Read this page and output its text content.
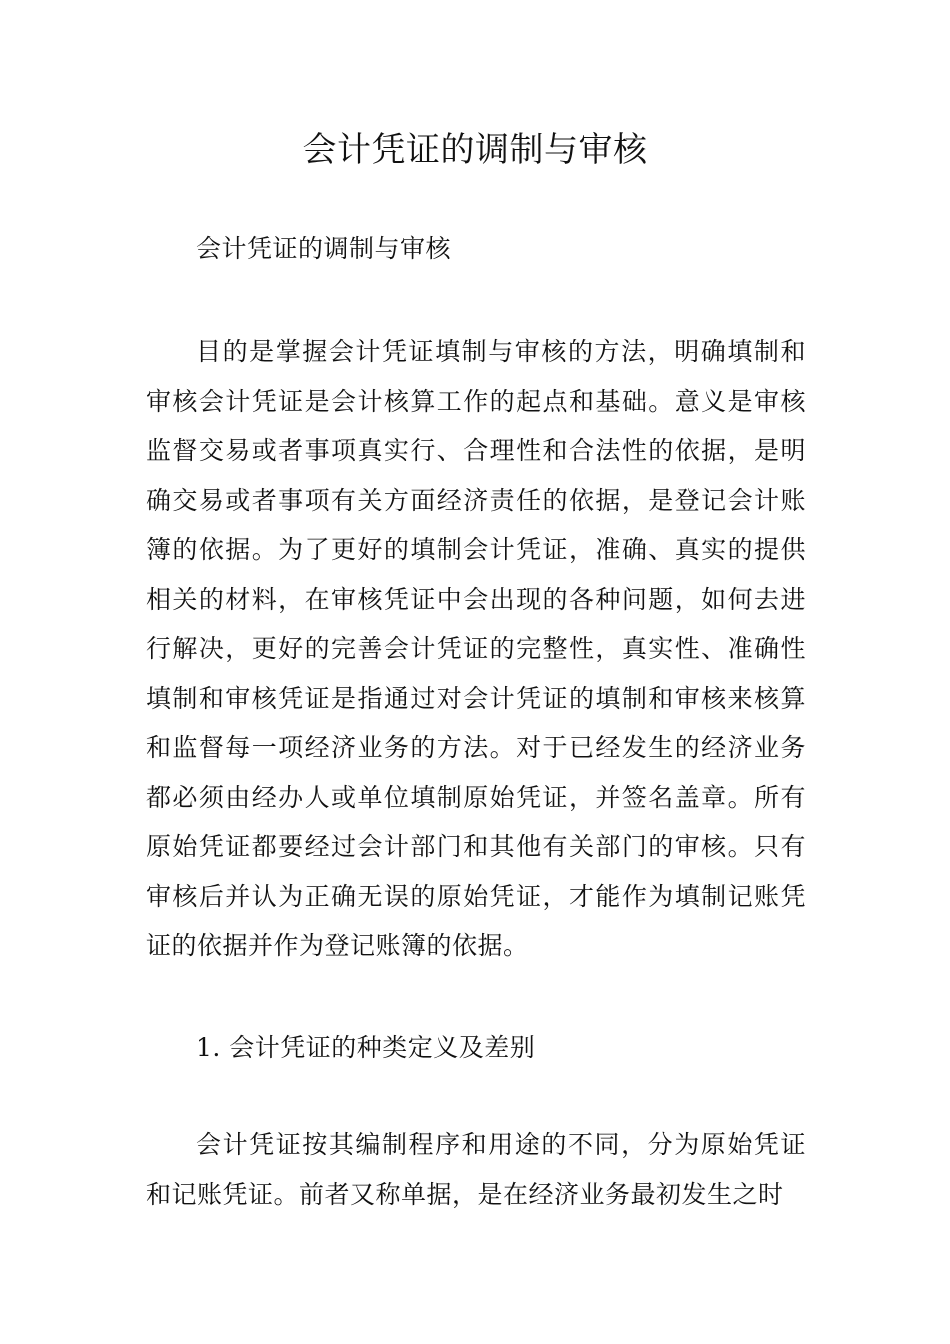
会计凭证的调制与审核

会计凭证的调制与审核

目的是掌握会计凭证填制与审核的方法，明确填制和审核会计凭证是会计核算工作的起点和基础。意义是审核监督交易或者事项真实行、合理性和合法性的依据，是明确交易或者事项有关方面经济责任的依据，是登记会计账簿的依据。为了更好的填制会计凭证，准确、真实的提供相关的材料，在审核凭证中会出现的各种问题，如何去进行解决，更好的完善会计凭证的完整性，真实性、准确性填制和审核凭证是指通过对会计凭证的填制和审核来核算和监督每一项经济业务的方法。对于已经发生的经济业务都必须由经办人或单位填制原始凭证，并签名盖章。所有原始凭证都要经过会计部门和其他有关部门的审核。只有审核后并认为正确无误的原始凭证，才能作为填制记账凭证的依据并作为登记账簿的依据。

1. 会计凭证的种类定义及差别

会计凭证按其编制程序和用途的不同，分为原始凭证和记账凭证。前者又称单据，是在经济业务最初发生之时
